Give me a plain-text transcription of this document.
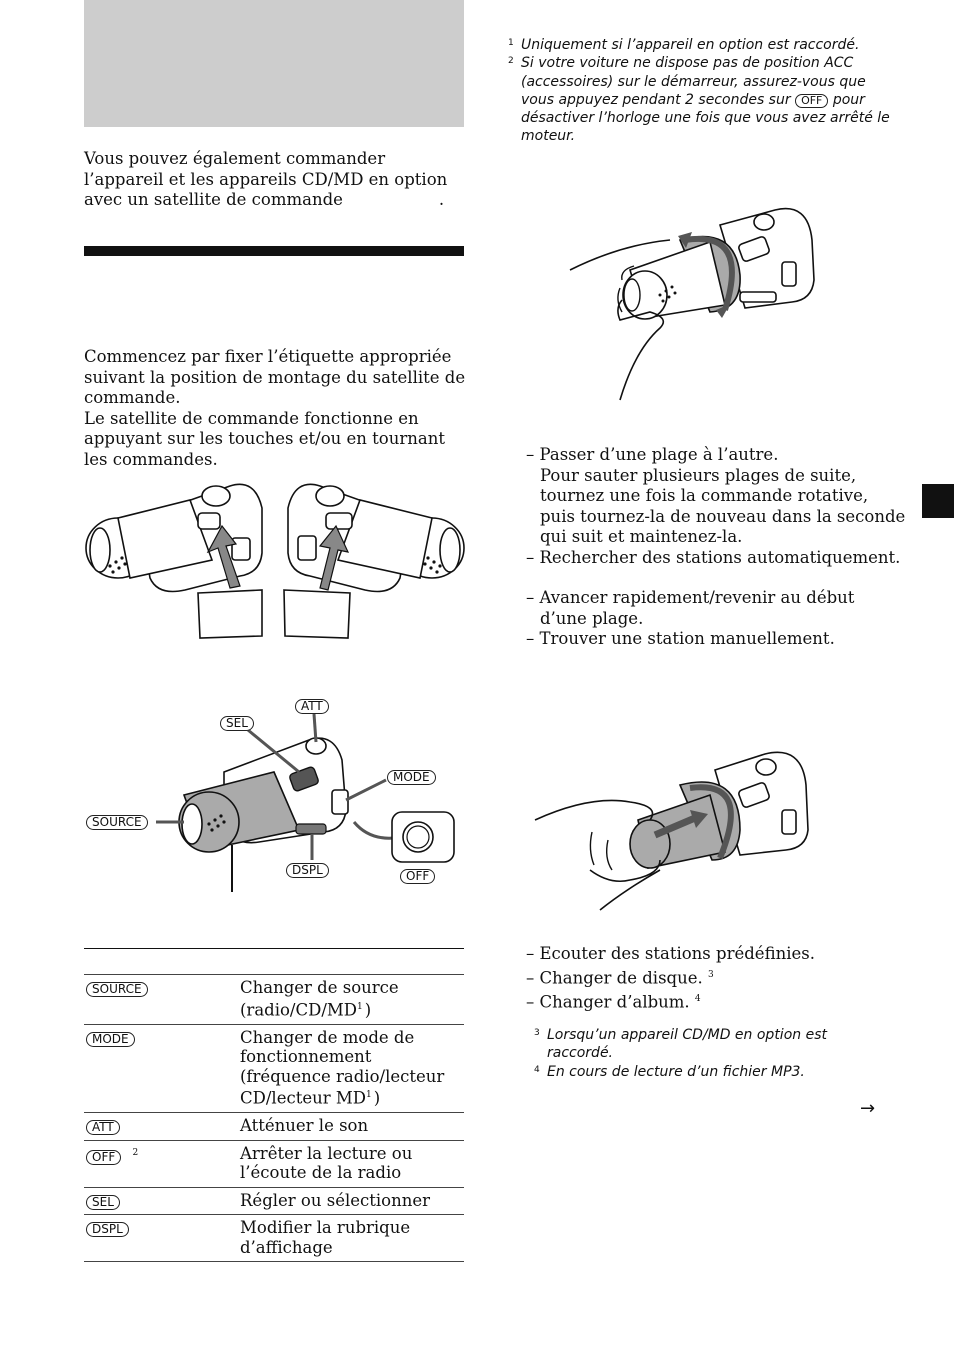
Vous pouvez également commander l’appareil et les appareils CD/MD en option avec un satellite de commande	.
Commencez par fixer l’étiquette appropriée suivant la position de montage du satellite de commande.
Le satellite de commande fonctionne en appuyant sur les touches et/ou en tournant les commandes.
ATT
SEL
MODE
SOURCE
DSPL	OFF
SOURCE	Changer de source ($radio/CD/MD^1$ )
MODE	Changer de mode de fonctionnement (fréquence radio/lecteur CD/lecteur $MD^1$ )
ATT	Atténuer le son
OFF $^2$	Arrêter la lecture ou l’écoute de la radio
SEL	Régler ou sélectionner
DSPL	Modifier la rubrique d’affichage
1 Uniquement si l’appareil en option est raccordé.
2 Si votre voiture ne dispose pas de position ACC (accessoires) sur le démarreur, assurez-vous que vous appuyez pendant 2 secondes sur OFF pour désactiver l’horloge une fois que vous avez arrêté le moteur.
– Passer d’une plage à l’autre.
Pour sauter plusieurs plages de suite, tournez une fois la commande rotative, puis tournez-la de nouveau dans la seconde qui suit et maintenez-la.
– Rechercher des stations automatiquement.
– Avancer rapidement/revenir au début
d’une plage.
– Trouver une station manuellement.
– Ecouter des stations prédéfinies.
– Changer de disque. $^3$
– Changer d’album. $^4$
3 Lorsqu’un appareil CD/MD en option est raccordé.
4 En cours de lecture d’un fichier MP3.
→
